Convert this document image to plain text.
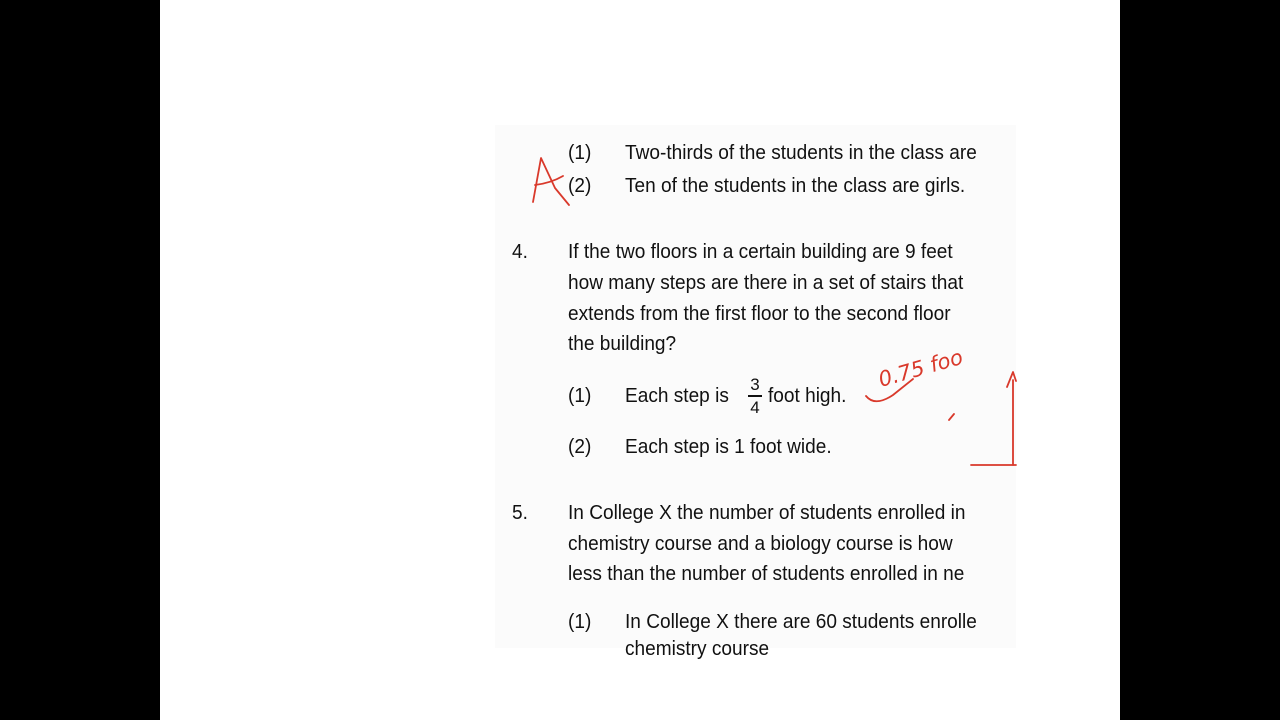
(1) Two-thirds of the students in the class are
(2) Ten of the students in the class are girls.
4. If the two floors in a certain building are 9 feet
how many steps are there in a set of stairs that
extends from the first floor to the second floor
the building?
(1) Each step is 3
4
foot high.
(2) Each step is 1 foot wide.
5. In College X the number of students enrolled in
chemistry course and a biology course is how
less than the number of students enrolled in ne
(1) In College X there are 60 students enrolle
chemistry course
0.75 foo
